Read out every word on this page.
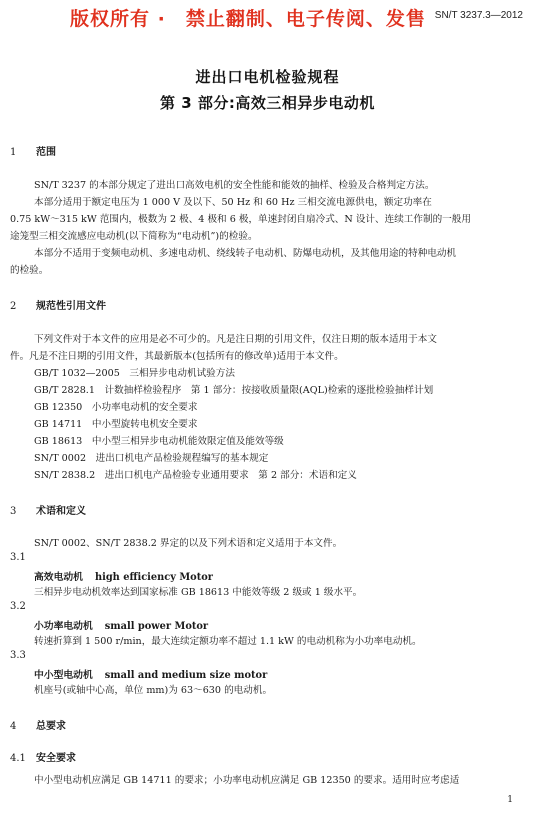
版权所有 ·　禁止翻制、电子传阅、发售 SN/T 3237.3—2012
进出口电机检验规程
第 3 部分:高效三相异步电动机
1 范围
SN/T 3237 的本部分规定了进出口高效电机的安全性能和能效的抽样、检验及合格判定方法。
本部分适用于额定电压为 1 000 V 及以下、50 Hz 和 60 Hz 三相交流电源供电，额定功率在
0.75 kW～315 kW 范围内，极数为 2 极、4 极和 6 极，单速封闭自扇冷式、N 设计、连续工作制的一般用
途笼型三相交流感应电动机(以下简称为“电动机”)的检验。
本部分不适用于变频电动机、多速电动机、绕线转子电动机、防爆电动机，及其他用途的特种电动机
的检验。
2 规范性引用文件
下列文件对于本文件的应用是必不可少的。凡是注日期的引用文件，仅注日期的版本适用于本文
件。凡是不注日期的引用文件，其最新版本(包括所有的修改单)适用于本文件。
GB/T 1032—2005　三相异步电动机试验方法
GB/T 2828.1　计数抽样检验程序　第 1 部分：按接收质量限(AQL)检索的逐批检验抽样计划
GB 12350　小功率电动机的安全要求
GB 14711　中小型旋转电机安全要求
GB 18613　中小型三相异步电动机能效限定值及能效等级
SN/T 0002　进出口机电产品检验规程编写的基本规定
SN/T 2838.2　进出口机电产品检验专业通用要求　第 2 部分：术语和定义
3 术语和定义
SN/T 0002、SN/T 2838.2 界定的以及下列术语和定义适用于本文件。
3.1
高效电动机 high efficiency Motor
三相异步电动机效率达到国家标准 GB 18613 中能效等级 2 级或 1 级水平。
3.2
小功率电动机 small power Motor
转速折算到 1 500 r/min，最大连续定额功率不超过 1.1 kW 的电动机称为小功率电动机。
3.3
中小型电动机 small and medium size motor
机座号(或轴中心高，单位 mm)为 63～630 的电动机。
4 总要求
4.1 安全要求
中小型电动机应满足 GB 14711 的要求；小功率电动机应满足 GB 12350 的要求。适用时应考虑适
1
